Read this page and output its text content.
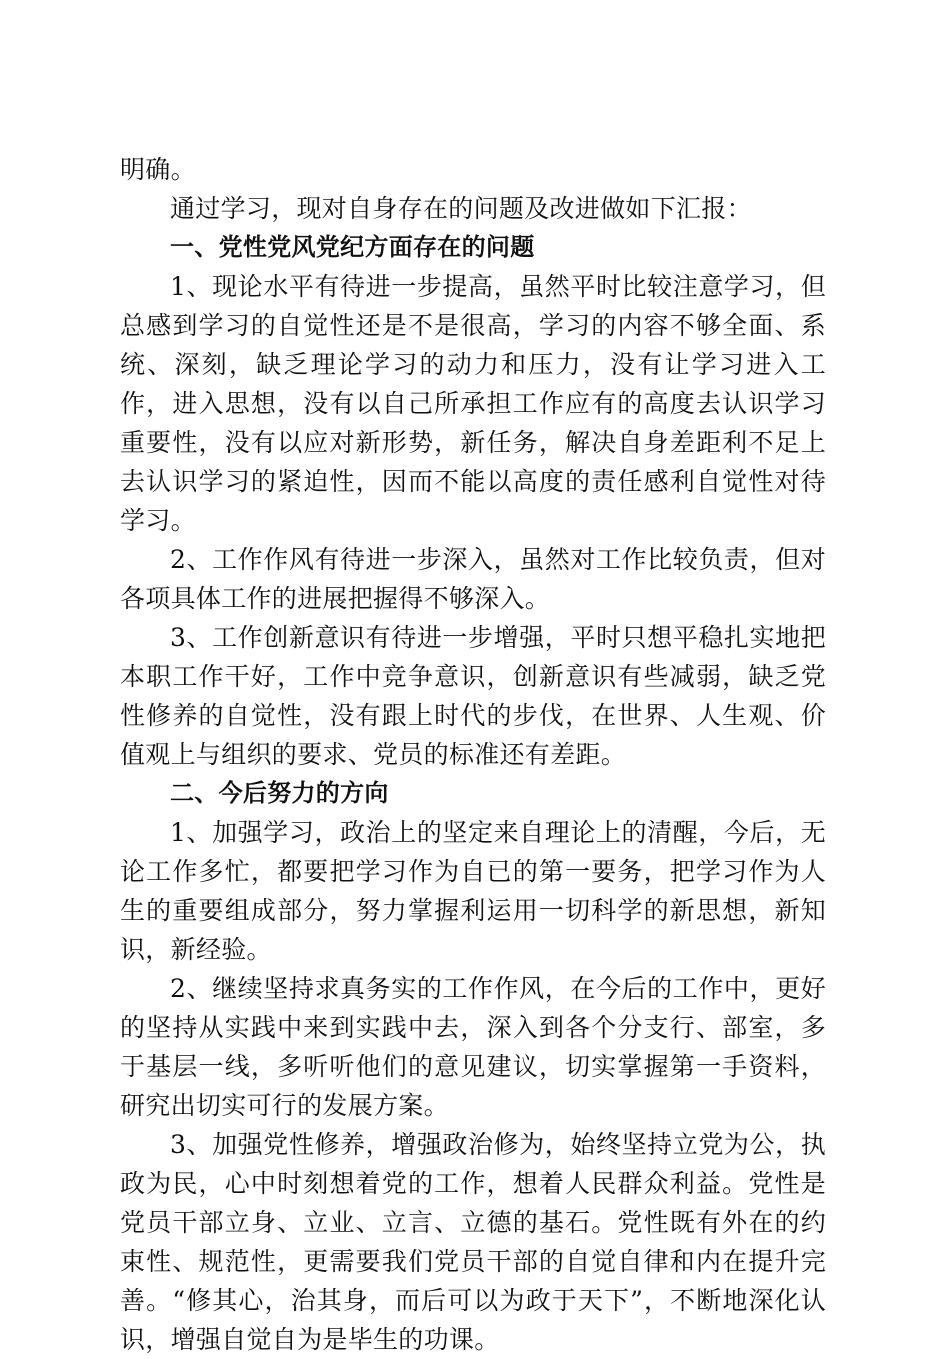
明确。

通过学习，现对自身存在的问题及改进做如下汇报：

一、党性党风党纪方面存在的问题

1、现论水平有待进一步提高，虽然平时比较注意学习，但总感到学习的自觉性还是不是很高，学习的内容不够全面、系统、深刻，缺乏理论学习的动力和压力，没有让学习进入工作，进入思想，没有以自己所承担工作应有的高度去认识学习重要性，没有以应对新形势，新任务，解决自身差距利不足上去认识学习的紧迫性，因而不能以高度的责任感利自觉性对待学习。

2、工作作风有待进一步深入，虽然对工作比较负责，但对各项具体工作的进展把握得不够深入。

3、工作创新意识有待进一步增强，平时只想平稳扎实地把本职工作干好，工作中竞争意识，创新意识有些减弱，缺乏党性修养的自觉性，没有跟上时代的步伐，在世界、人生观、价值观上与组织的要求、党员的标准还有差距。

二、今后努力的方向

1、加强学习，政治上的坚定来自理论上的清醒，今后，无论工作多忙，都要把学习作为自已的第一要务，把学习作为人生的重要组成部分，努力掌握利运用一切科学的新思想，新知识，新经验。

2、继续坚持求真务实的工作作风，在今后的工作中，更好的坚持从实践中来到实践中去，深入到各个分支行、部室，多于基层一线，多听听他们的意见建议，切实掌握第一手资料，研究出切实可行的发展方案。

3、加强党性修养，增强政治修为，始终坚持立党为公，执政为民，心中时刻想着党的工作，想着人民群众利益。党性是党员干部立身、立业、立言、立德的基石。党性既有外在的约束性、规范性，更需要我们党员干部的自觉自律和内在提升完善。“修其心，治其身，而后可以为政于天下”，不断地深化认识，增强自觉自为是毕生的功课。
